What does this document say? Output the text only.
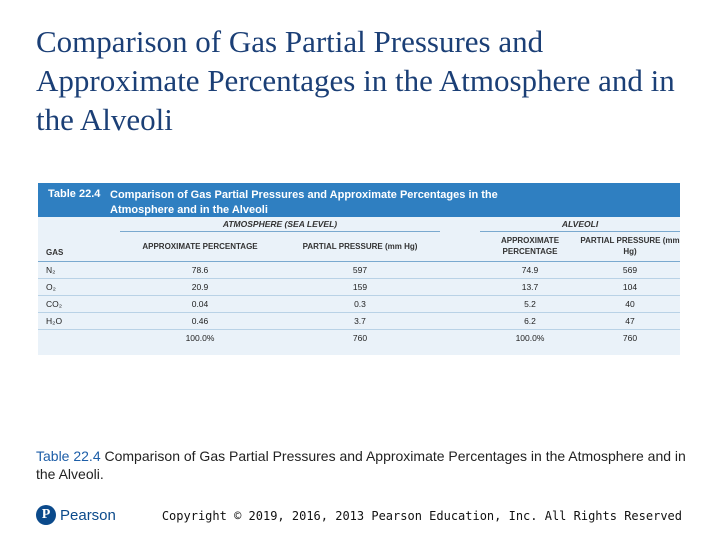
Comparison of Gas Partial Pressures and Approximate Percentages in the Atmosphere and in the Alveoli
Table 22.4 Comparison of Gas Partial Pressures and Approximate Percentages in the Atmosphere and in the Alveoli
	ATMOSPHERE (SEA LEVEL)			ALVEOLI	
GAS	APPROXIMATE PERCENTAGE	PARTIAL PRESSURE (mm Hg)		APPROXIMATE PERCENTAGE	PARTIAL PRESSURE (mm Hg)
N₂	78.6	597		74.9	569
O₂	20.9	159		13.7	104
CO₂	0.04	0.3		5.2	40
H₂O	0.46	3.7		6.2	47
	100.0%	760		100.0%	760

Table 22.4 Comparison of Gas Partial Pressures and Approximate Percentages in the Atmosphere and in the Alveoli.

P Pearson	Copyright © 2019, 2016, 2013 Pearson Education, Inc. All Rights Reserved
